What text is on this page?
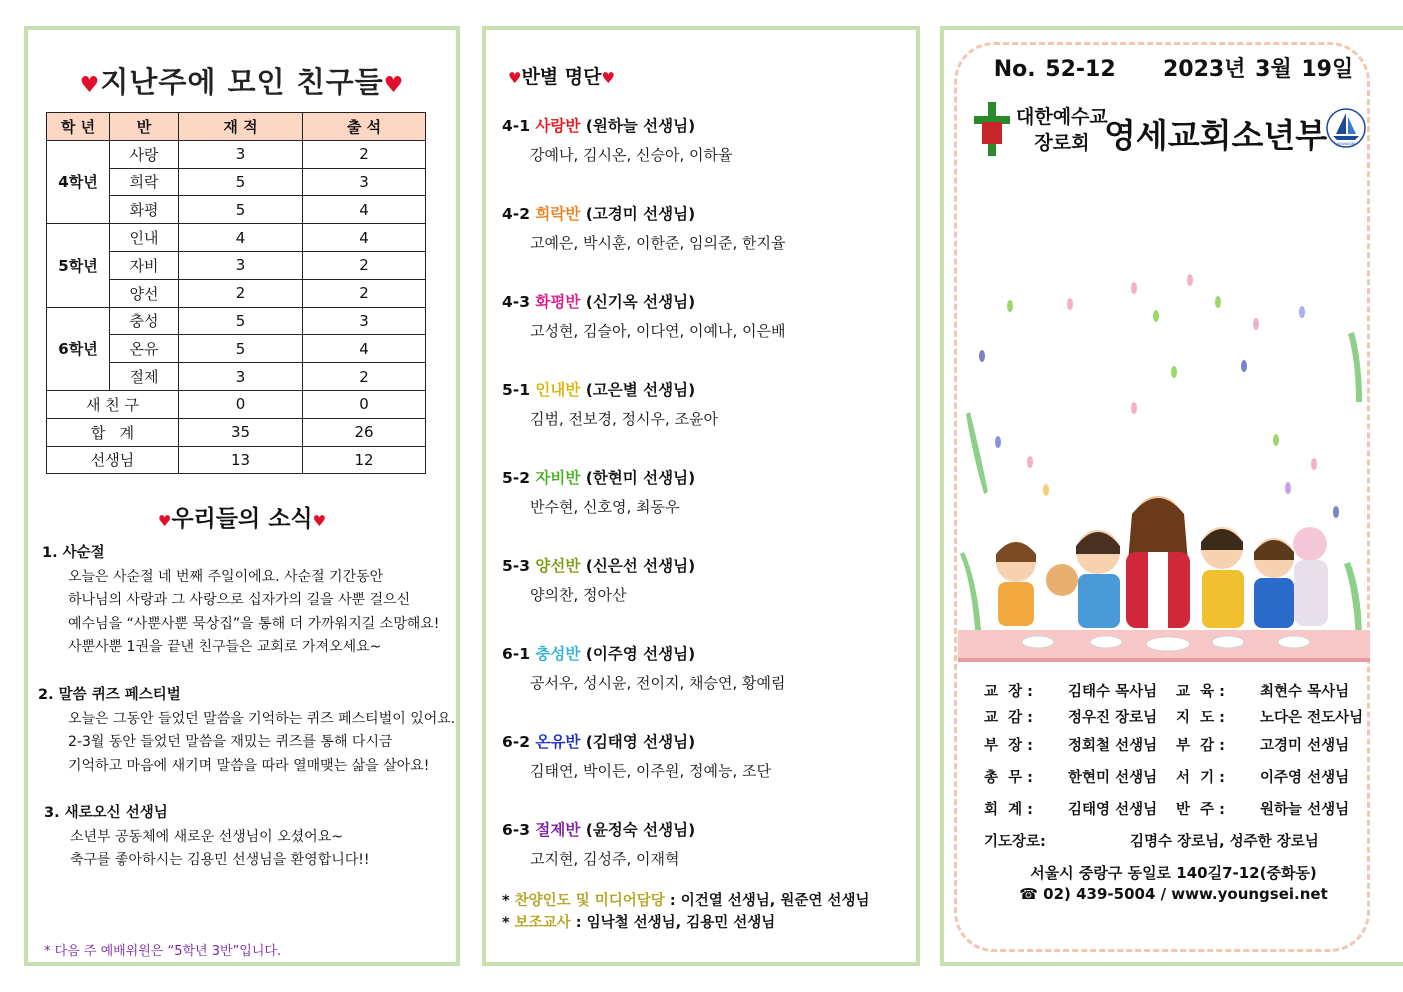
♥지난주에 모인 친구들♥
학 년	반	재 적	출 석
4학년	사랑	3	2
	희락	5	3
	화평	5	4
5학년	인내	4	4
	자비	3	2
	양선	2	2
6학년	충성	5	3
	온유	5	4
	절제	3	2
새 친 구		0	0
합   계		35	26
선생님		13	12
♥우리들의 소식♥
1. 사순절
오늘은 사순절 네 번째 주일이에요. 사순절 기간동안
하나님의 사랑과 그 사랑으로 십자가의 길을 사뿐 걸으신
예수님을 “사뿐사뿐 묵상집”을 통해 더 가까워지길 소망해요!
사뿐사뿐 1권을 끝낸 친구들은 교회로 가져오세요~
2. 말씀 퀴즈 페스티벌
오늘은 그동안 들었던 말씀을 기억하는 퀴즈 페스티벌이 있어요.
2-3월 동안 들었던 말씀을 재밌는 퀴즈를 통해 다시금
기억하고 마음에 새기며 말씀을 따라 열매맺는 삶을 살아요!
3. 새로오신 선생님
소년부 공동체에 새로운 선생님이 오셨어요~
축구를 좋아하시는 김용민 선생님을 환영합니다!!
* 다음 주 예배위원은 “5학년 3반”입니다.
♥반별 명단♥
4-1 사랑반 (원하늘 선생님)
강예나, 김시온, 신승아, 이하율
4-2 희락반 (고경미 선생님)
고예은, 박시훈, 이한준, 임의준, 한지율
4-3 화평반 (신기옥 선생님)
고성현, 김슬아, 이다연, 이예나, 이은배
5-1 인내반 (고은별 선생님)
김범, 전보경, 정시우, 조윤아
5-2 자비반 (한현미 선생님)
반수현, 신호영, 최동우
5-3 양선반 (신은선 선생님)
양의찬, 정아산
6-1 충성반 (이주영 선생님)
공서우, 성시윤, 전이지, 채승연, 황예림
6-2 온유반 (김태영 선생님)
김태연, 박이든, 이주원, 정예능, 조단
6-3 절제반 (윤정숙 선생님)
고지현, 김성주, 이재혁
* 찬양인도 및 미디어담당 : 이건열 선생님, 원준연 선생님
* 보조교사 : 임낙철 선생님, 김용민 선생님
No. 52-12 2023년 3월 19일
대한예수교
장로회 영세교회소년부	YOUNGSEI
교  장 : 김태수 목사님 교  육 : 최현수 목사님
교  감 : 정우진 장로님 지  도 : 노다은 전도사님
부  장 : 정회철 선생님 부  감 : 고경미 선생님
총  무 : 한현미 선생님 서  기 : 이주영 선생님
회  계 : 김태영 선생님 반  주 : 원하늘 선생님
기도장로:	김명수 장로님, 성주한 장로님
서울시 중랑구 동일로 140길7-12(중화동)
☎ 02) 439-5004 / www.youngsei.net
